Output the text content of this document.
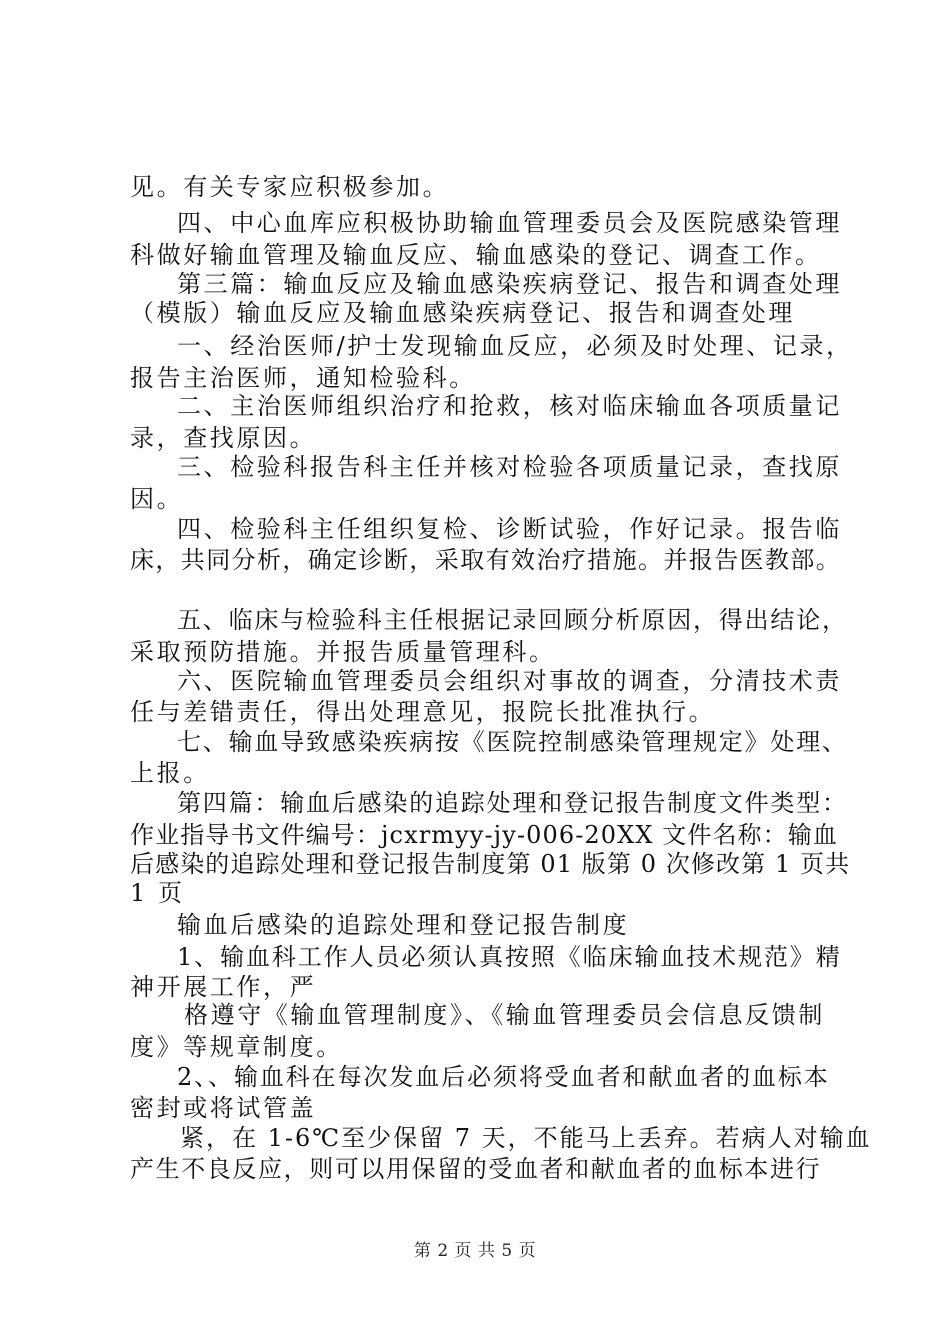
见。有关专家应积极参加。
四、中心血库应积极协助输血管理委员会及医院感染管理
科做好输血管理及输血反应、输血感染的登记、调查工作。
第三篇：输血反应及输血感染疾病登记、报告和调查处理
（模版）输血反应及输血感染疾病登记、报告和调查处理
一、经治医师/护士发现输血反应，必须及时处理、记录，
报告主治医师，通知检验科。
二、主治医师组织治疗和抢救，核对临床输血各项质量记
录，查找原因。
三、检验科报告科主任并核对检验各项质量记录，查找原
因。
四、检验科主任组织复检、诊断试验，作好记录。报告临
床，共同分析，确定诊断，采取有效治疗措施。并报告医教部。
五、临床与检验科主任根据记录回顾分析原因，得出结论，
采取预防措施。并报告质量管理科。
六、医院输血管理委员会组织对事故的调查，分清技术责
任与差错责任，得出处理意见，报院长批准执行。
七、输血导致感染疾病按《医院控制感染管理规定》处理、
上报。
第四篇：输血后感染的追踪处理和登记报告制度文件类型：
作业指导书文件编号：jcxrmyy-jy-006-20XX 文件名称：输血
后感染的追踪处理和登记报告制度第 01 版第 0 次修改第 1 页共
1 页
输血后感染的追踪处理和登记报告制度
1、输血科工作人员必须认真按照《临床输血技术规范》精
神开展工作，严
格遵守《输血管理制度》、《输血管理委员会信息反馈制
度》等规章制度。
2、、输血科在每次发血后必须将受血者和献血者的血标本
密封或将试管盖
紧，在 1-6℃至少保留 7 天，不能马上丢弃。若病人对输血
产生不良反应，则可以用保留的受血者和献血者的血标本进行
第 2 页 共 5 页
